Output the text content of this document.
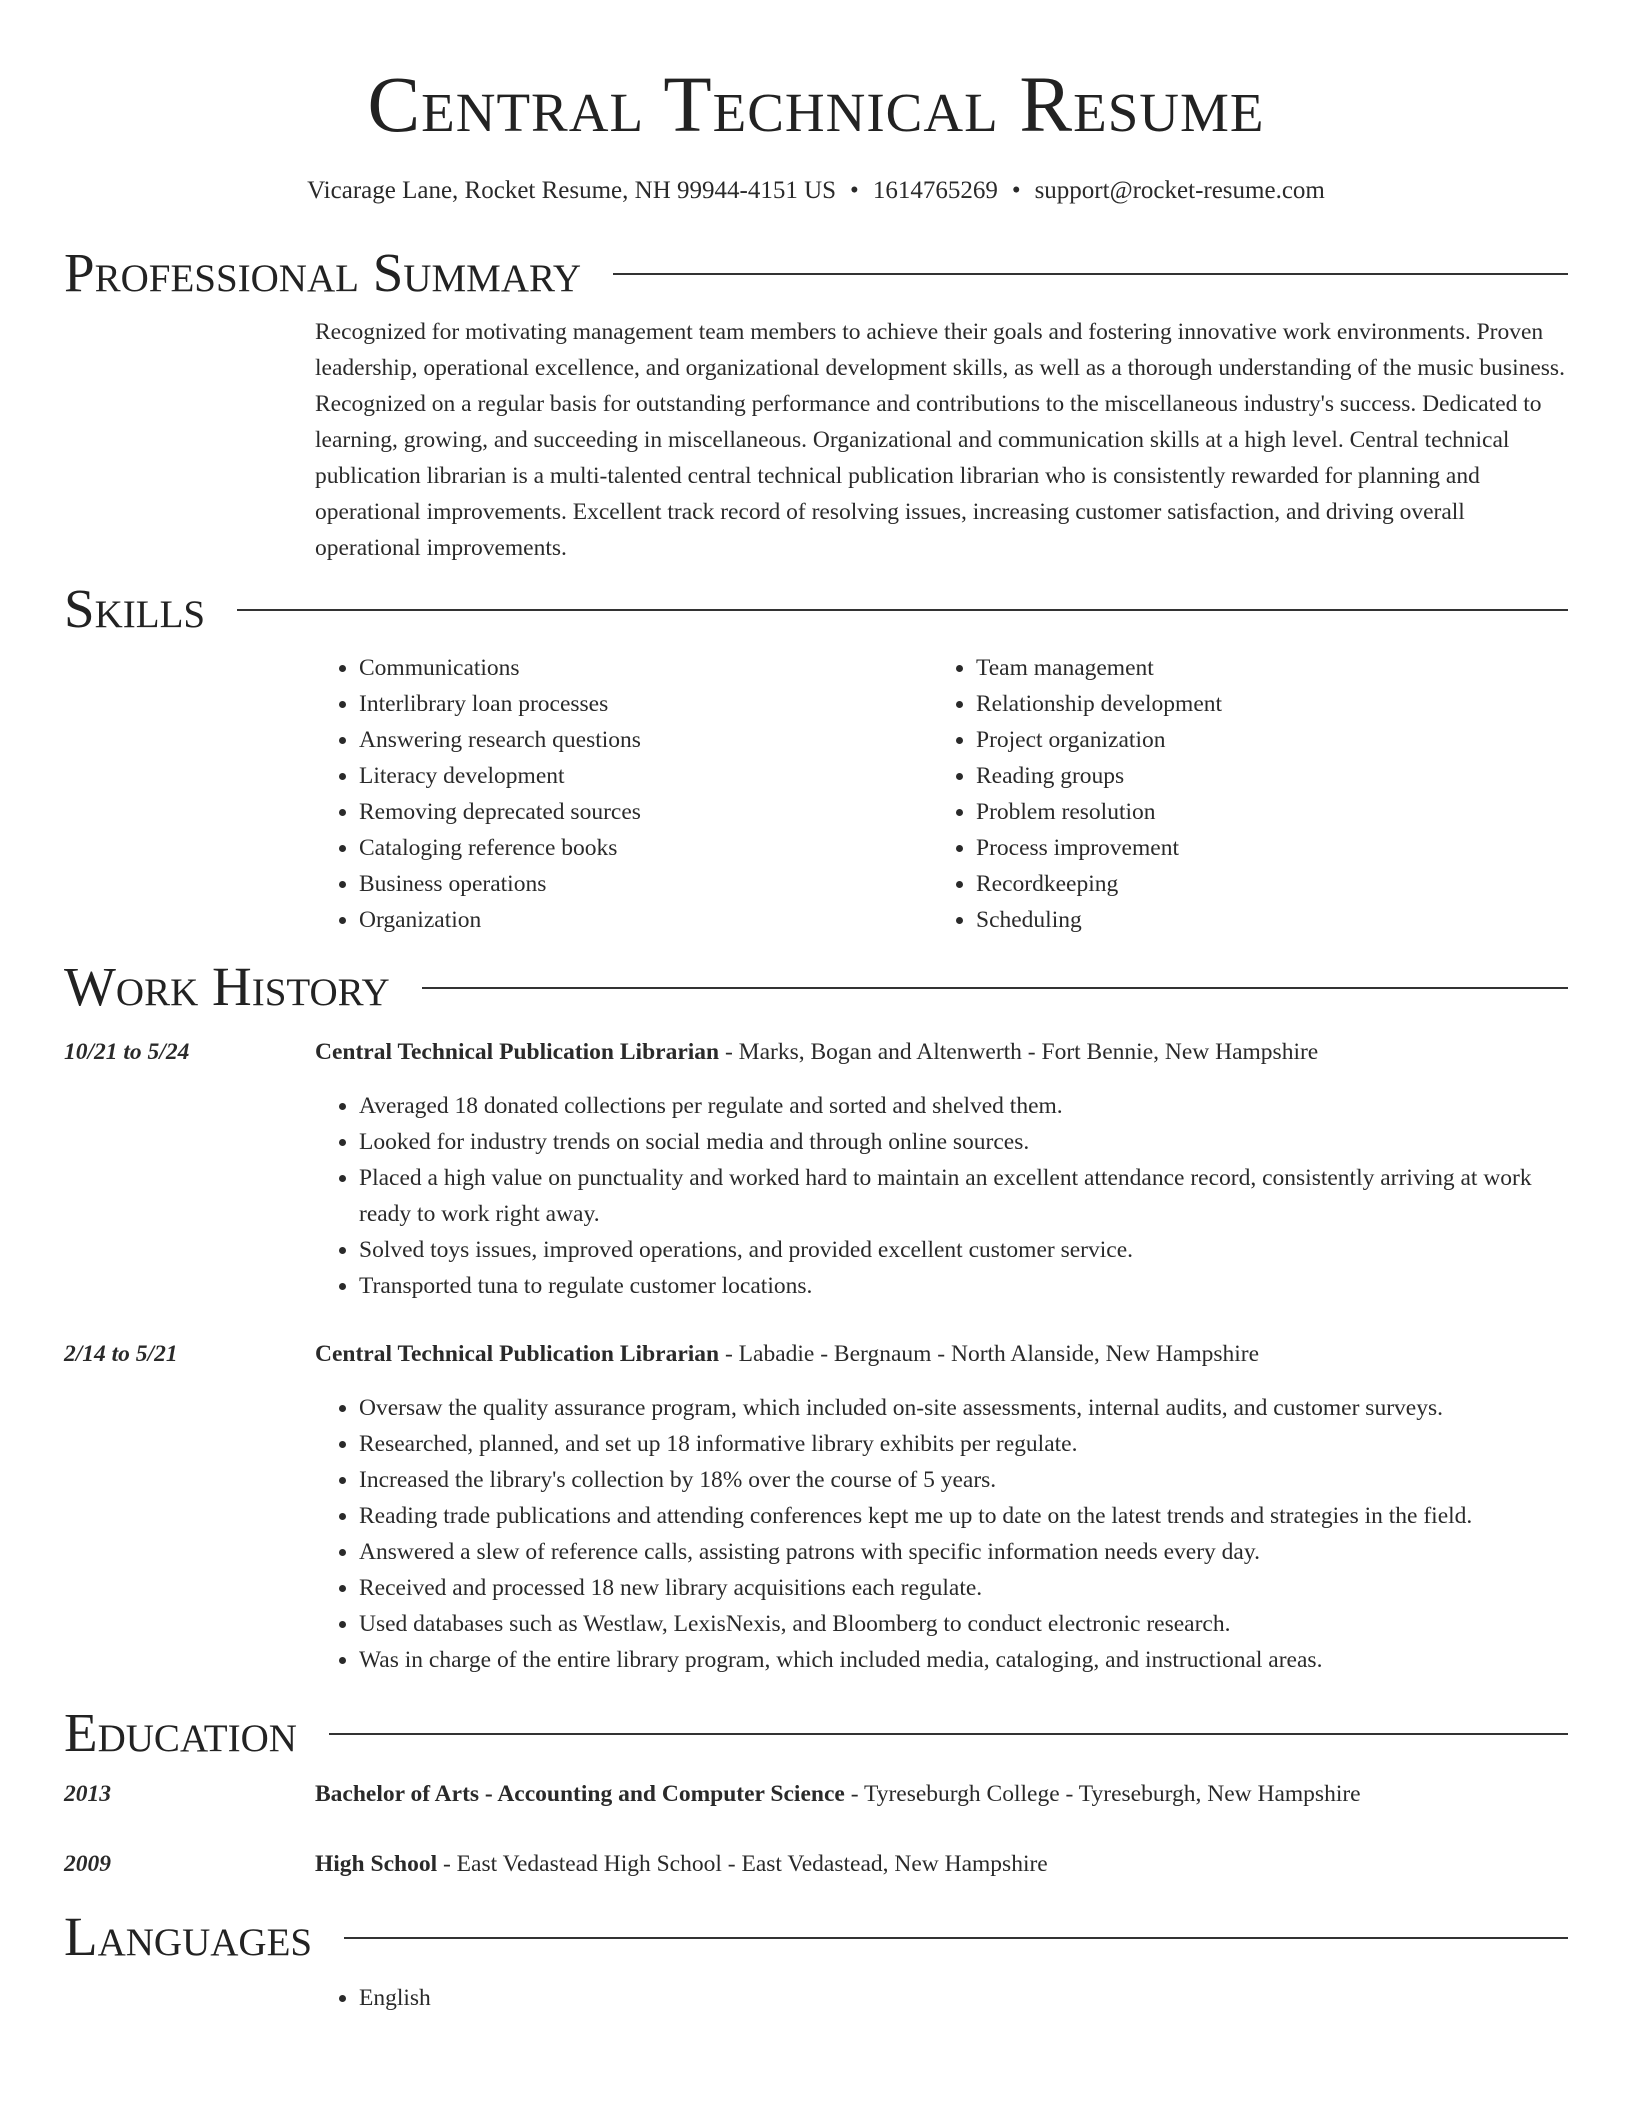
Central Technical Resume
Vicarage Lane, Rocket Resume, NH 99944-4151 US • 1614765269 • support@rocket-resume.com
Professional Summary

Recognized for motivating management team members to achieve their goals and fostering innovative work environments. Proven leadership, operational excellence, and organizational development skills, as well as a thorough understanding of the music business. Recognized on a regular basis for outstanding performance and contributions to the miscellaneous industry's success. Dedicated to learning, growing, and succeeding in miscellaneous. Organizational and communication skills at a high level. Central technical publication librarian is a multi-talented central technical publication librarian who is consistently rewarded for planning and operational improvements. Excellent track record of resolving issues, increasing customer satisfaction, and driving overall operational improvements.

Skills
• Communications
• Interlibrary loan processes
• Answering research questions
• Literacy development
• Removing deprecated sources
• Cataloging reference books
• Business operations
• Organization
• Team management
• Relationship development
• Project organization
• Reading groups
• Problem resolution
• Process improvement
• Recordkeeping
• Scheduling
Work History
10/21 to 5/24	Central Technical Publication Librarian - Marks, Bogan and Altenwerth - Fort Bennie, New Hampshire
• Averaged 18 donated collections per regulate and sorted and shelved them.
• Looked for industry trends on social media and through online sources.
• Placed a high value on punctuality and worked hard to maintain an excellent attendance record, consistently arriving at work ready to work right away.
• Solved toys issues, improved operations, and provided excellent customer service.
• Transported tuna to regulate customer locations.
2/14 to 5/21	Central Technical Publication Librarian - Labadie - Bergnaum - North Alanside, New Hampshire
• Oversaw the quality assurance program, which included on-site assessments, internal audits, and customer surveys.
• Researched, planned, and set up 18 informative library exhibits per regulate.
• Increased the library's collection by 18% over the course of 5 years.
• Reading trade publications and attending conferences kept me up to date on the latest trends and strategies in the field.
• Answered a slew of reference calls, assisting patrons with specific information needs every day.
• Received and processed 18 new library acquisitions each regulate.
• Used databases such as Westlaw, LexisNexis, and Bloomberg to conduct electronic research.
• Was in charge of the entire library program, which included media, cataloging, and instructional areas.
Education
2013	Bachelor of Arts - Accounting and Computer Science - Tyreseburgh College - Tyreseburgh, New Hampshire
2009	High School - East Vedastead High School - East Vedastead, New Hampshire
Languages
• English
